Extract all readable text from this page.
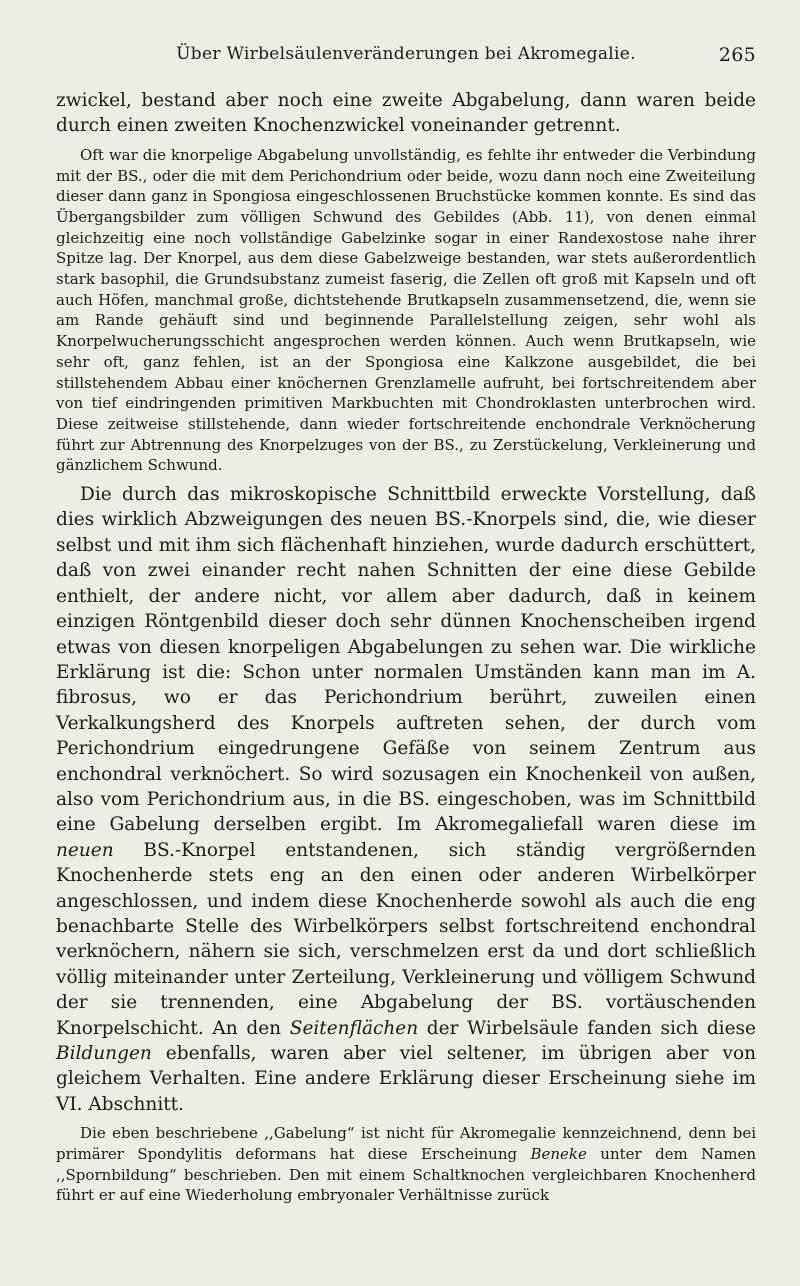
Über Wirbelsäulenveränderungen bei Akromegalie.	265

zwickel, bestand aber noch eine zweite Abgabelung, dann waren beide durch einen zweiten Knochenzwickel voneinander getrennt.

Oft war die knorpelige Abgabelung unvollständig, es fehlte ihr entweder die Verbindung mit der BS., oder die mit dem Perichondrium oder beide, wozu dann noch eine Zweiteilung dieser dann ganz in Spongiosa eingeschlossenen Bruchstücke kommen konnte. Es sind das Übergangsbilder zum völligen Schwund des Gebildes (Abb. 11), von denen einmal gleichzeitig eine noch vollständige Gabelzinke sogar in einer Randexostose nahe ihrer Spitze lag. Der Knorpel, aus dem diese Gabelzweige bestanden, war stets außerordentlich stark basophil, die Grundsubstanz zumeist faserig, die Zellen oft groß mit Kapseln und oft auch Höfen, manchmal große, dichtstehende Brutkapseln zusammensetzend, die, wenn sie am Rande gehäuft sind und beginnende Parallelstellung zeigen, sehr wohl als Knorpelwucherungsschicht angesprochen werden können. Auch wenn Brutkapseln, wie sehr oft, ganz fehlen, ist an der Spongiosa eine Kalkzone ausgebildet, die bei stillstehendem Abbau einer knöchernen Grenzlamelle aufruht, bei fortschreitendem aber von tief eindringenden primitiven Markbuchten mit Chondroklasten unterbrochen wird. Diese zeitweise stillstehende, dann wieder fortschreitende enchondrale Verknöcherung führt zur Abtrennung des Knorpelzuges von der BS., zu Zerstückelung, Verkleinerung und gänzlichem Schwund.

Die durch das mikroskopische Schnittbild erweckte Vorstellung, daß dies wirklich Abzweigungen des neuen BS.-Knorpels sind, die, wie dieser selbst und mit ihm sich flächenhaft hinziehen, wurde dadurch erschüttert, daß von zwei einander recht nahen Schnitten der eine diese Gebilde enthielt, der andere nicht, vor allem aber dadurch, daß in keinem einzigen Röntgenbild dieser doch sehr dünnen Knochenscheiben irgend etwas von diesen knorpeligen Abgabelungen zu sehen war. Die wirkliche Erklärung ist die: Schon unter normalen Umständen kann man im A. fibrosus, wo er das Perichondrium berührt, zuweilen einen Verkalkungsherd des Knorpels auftreten sehen, der durch vom Perichondrium eingedrungene Gefäße von seinem Zentrum aus enchondral verknöchert. So wird sozusagen ein Knochenkeil von außen, also vom Perichondrium aus, in die BS. eingeschoben, was im Schnittbild eine Gabelung derselben ergibt. Im Akromegaliefall waren diese im neuen BS.-Knorpel entstandenen, sich ständig vergrößernden Knochenherde stets eng an den einen oder anderen Wirbelkörper angeschlossen, und indem diese Knochenherde sowohl als auch die eng benachbarte Stelle des Wirbelkörpers selbst fortschreitend enchondral verknöchern, nähern sie sich, verschmelzen erst da und dort schließlich völlig miteinander unter Zerteilung, Verkleinerung und völligem Schwund der sie trennenden, eine Abgabelung der BS. vortäuschenden Knorpelschicht. An den Seitenflächen der Wirbelsäule fanden sich diese Bildungen ebenfalls, waren aber viel seltener, im übrigen aber von gleichem Verhalten. Eine andere Erklärung dieser Erscheinung siehe im VI. Abschnitt.

Die eben beschriebene ,,Gabelung“ ist nicht für Akromegalie kennzeichnend, denn bei primärer Spondylitis deformans hat diese Erscheinung Beneke unter dem Namen ,,Spornbildung“ beschrieben. Den mit einem Schaltknochen vergleichbaren Knochenherd führt er auf eine Wiederholung embryonaler Verhältnisse zurück
